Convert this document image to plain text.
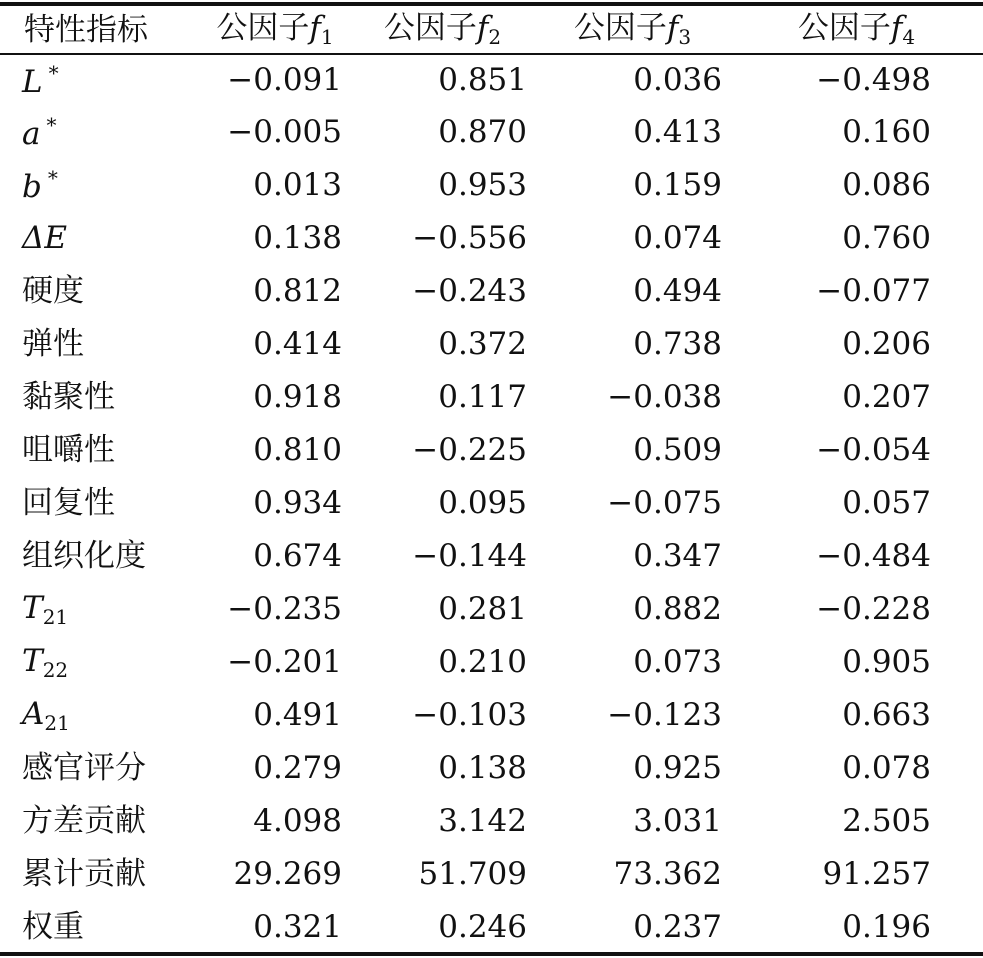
特性指标	公因子f1	公因子f2	公因子f3	公因子f4
L *	−0.091	0.851	0.036	−0.498
a *	−0.005	0.870	0.413	0.160
b *	0.013	0.953	0.159	0.086
ΔE	0.138	−0.556	0.074	0.760
硬度	0.812	−0.243	0.494	−0.077
弹性	0.414	0.372	0.738	0.206
黏聚性	0.918	0.117	−0.038	0.207
咀嚼性	0.810	−0.225	0.509	−0.054
回复性	0.934	0.095	−0.075	0.057
组织化度	0.674	−0.144	0.347	−0.484
$T_{21}$	−0.235	0.281	0.882	−0.228
$T_{22}$	−0.201	0.210	0.073	0.905
$A_{21}$	0.491	−0.103	−0.123	0.663
感官评分	0.279	0.138	0.925	0.078
方差贡献	4.098	3.142	3.031	2.505
累计贡献	29.269	51.709	73.362	91.257
权重	0.321	0.246	0.237	0.196
